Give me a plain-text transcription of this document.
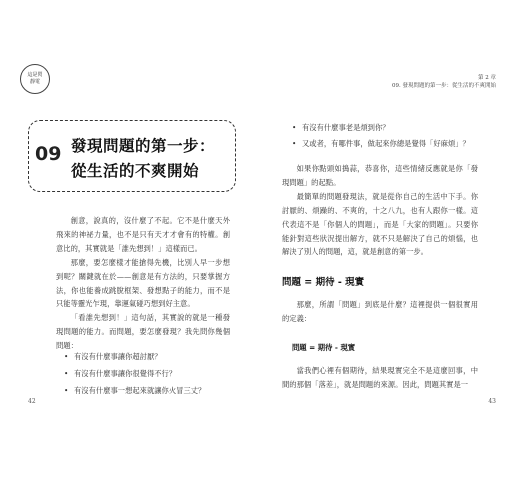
這是閃
靜電
09 發現問題的第一步：
從生活的不爽開始

創意，說真的，沒什麼了不起。它不是什麼天外飛來的神祕力量，也不是只有天才才會有的特權。創意比的，其實就是「誰先想到！」這樣而已。

那麼，要怎麼樣才能搶得先機，比別人早一步想到呢？關鍵就在於——創意是有方法的，只要掌握方法，你也能養成跳脫框架、發想點子的能力，而不是只能等靈光乍現，靠運氣碰巧想到好主意。

「看誰先想到！」這句話，其實說的就是一種發現問題的能力。而問題，要怎麼發現？我先問你幾個問題：

• 有沒有什麼事讓你超討厭？
• 有沒有什麼事讓你很覺得不行？
• 有沒有什麼事一想起來就讓你火冒三丈？
42
第 2 章
09. 發現問題的第一步：從生活的不爽開始
• 有沒有什麼事老是煩到你？
• 又或者，有哪件事，做起來你總是覺得「好麻煩」？

如果你點頭如搗蒜，恭喜你，這些情緒反應就是你「發現問題」的起點。

最簡單的問題發現法，就是從你自己的生活中下手。你討厭的、煩躁的、不爽的，十之八九，也有人跟你一樣。這代表這不是「你個人的問題」，而是「大家的問題」。只要你能針對這些狀況提出解方，就不只是解決了自己的煩惱，也解決了別人的問題，這，就是創意的第一步。

問題 = 期待 - 現實

那麼，所謂「問題」到底是什麼？這裡提供一個很實用的定義：

問題 = 期待 - 現實

當我們心裡有個期待，結果現實完全不是這麼回事，中間的那個「落差」，就是問題的來源。因此，問題其實是一

43
